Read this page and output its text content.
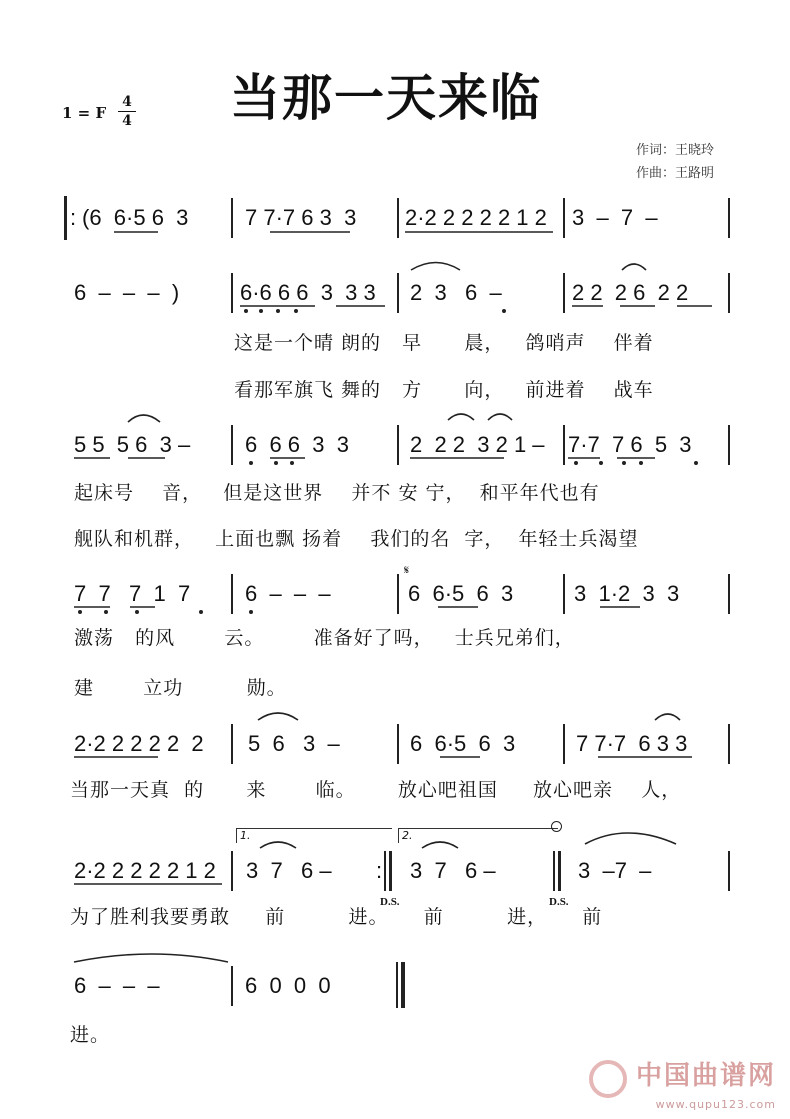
1 = F
4
4 当那一天来临
作词：王晓玲
作曲：王路明
: (6  6·5 6  3	7 7·7 6 3  3 2·2 2 2 2 2 1 2 3  –  7  –
6  –  –  –  )	6·6 6 6  3  3 3 2  3   6  –	2 2  2 6  2 2
这是一个晴 朗的   早      晨，   鸽哨声    伴着
看那军旗飞 舞的   方      向，   前进着    战车
5 5  5 6  3 – 6  6 6  3  3	2  2 2  3 2 1 – 7·7  7 6  5  3
起床号    音，   但是这世界    并不 安 宁，  和平年代也有
舰队和机群，   上面也飘 扬着    我们的名  字，  年轻士兵渴望
7  7   7  1  7 6  –  –  –	6  6·5  6  3	3  1·2  3  3
激荡   的风       云。       准备好了吗，   士兵兄弟们，
建       立功         勋。
2·2 2 2 2 2  2 5  6   3  –	6  6·5  6  3	7 7·7  6 3 3
当那一天真  的      来       临。      放心吧祖国     放心吧亲    人，
1.	2.
2·2 2 2 2 2 1 2 3  7   6 – :
D.S.
3  7   6 –
D.S.
3  –7  –
为了胜利我要勇敢     前         进。     前         进，     前
6  –  –  –	6  0  0  0
进。
𝄋
中国曲谱网
www.qupu123.com
